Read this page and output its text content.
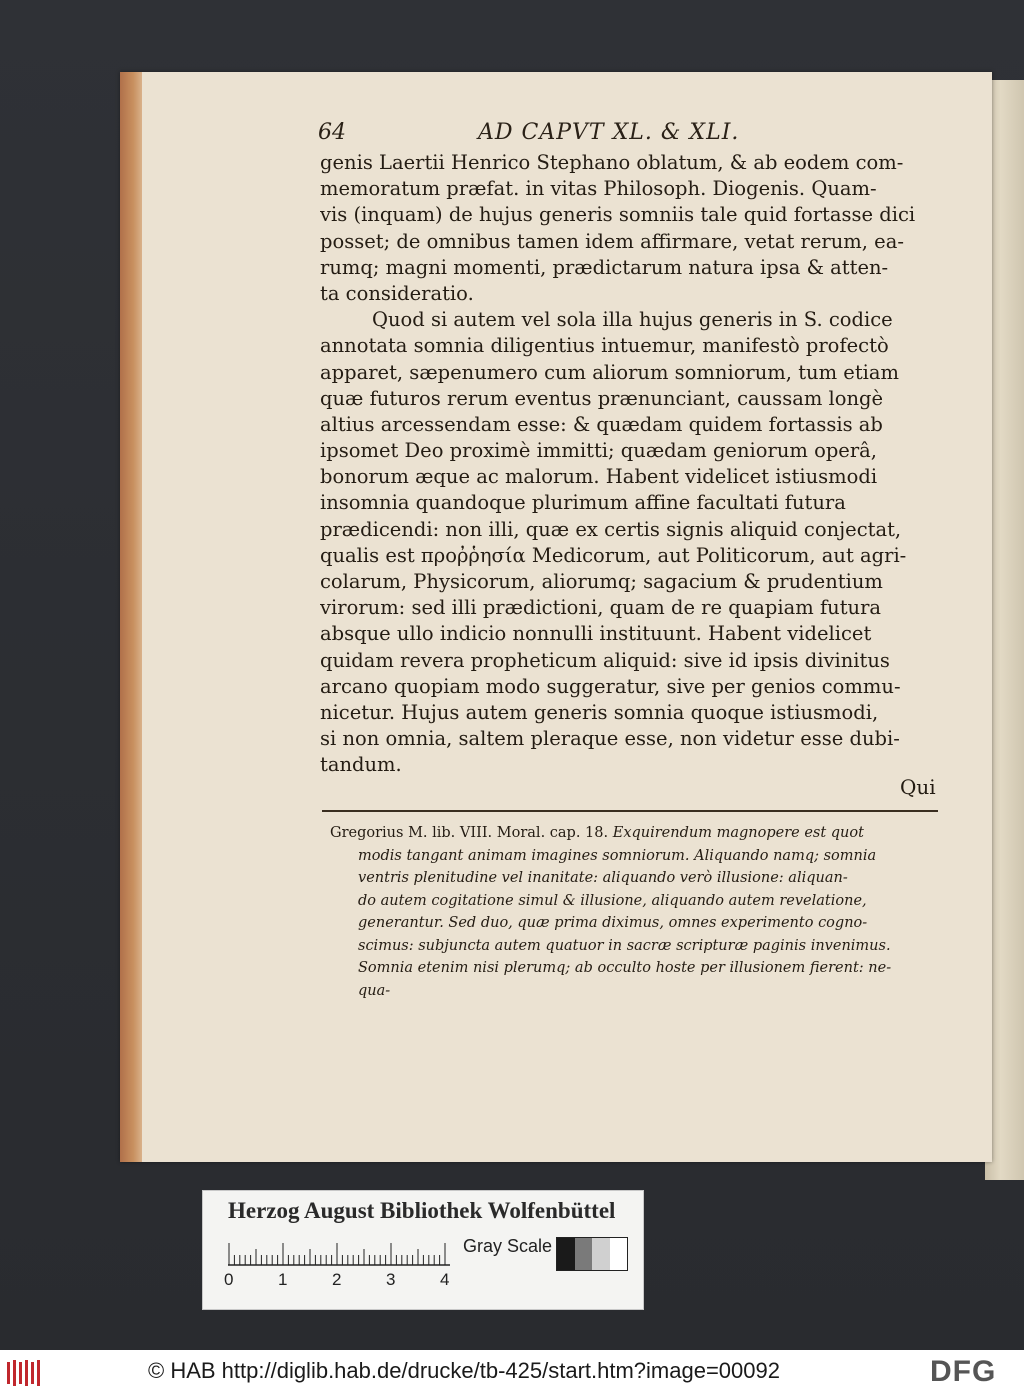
64	AD CAPVT XL. & XLI.
genis Laertii Henrico Stephano oblatum, & ab eodem com-
memoratum præfat. in vitas Philosoph. Diogenis. Quam-
vis (inquam) de hujus generis somniis tale quid fortasse dici
posset; de omnibus tamen idem affirmare, vetat rerum, ea-
rumq; magni momenti, prædictarum natura ipsa & atten-
ta consideratio.
Quod si autem vel sola illa hujus generis in S. codice
annotata somnia diligentius intuemur, manifestò profectò
apparet, sæpenumero cum aliorum somniorum, tum etiam
quæ futuros rerum eventus prænunciant, caussam longè
altius arcessendam esse: & quædam quidem fortassis ab
ipsomet Deo proximè immitti; quædam geniorum operâ,
bonorum æque ac malorum. Habent videlicet istiusmodi
insomnia quandoque plurimum affine facultati futura
prædicendi: non illi, quæ ex certis signis aliquid conjectat,
qualis est προῤῥησία Medicorum, aut Politicorum, aut agri-
colarum, Physicorum, aliorumq; sagacium & prudentium
virorum: sed illi prædictioni, quam de re quapiam futura
absque ullo indicio nonnulli instituunt. Habent videlicet
quidam revera propheticum aliquid: sive id ipsis divinitus
arcano quopiam modo suggeratur, sive per genios commu-
nicetur. Hujus autem generis somnia quoque istiusmodi,
si non omnia, saltem pleraque esse, non videtur esse dubi-
tandum.
Qui
Gregorius M. lib. VIII. Moral. cap. 18. Exquirendum magnopere est quot
modis tangant animam imagines somniorum. Aliquando namq; somnia
ventris plenitudine vel inanitate: aliquando verò illusione: aliquan-
do autem cogitatione simul & illusione, aliquando autem revelatione,
generantur. Sed duo, quæ prima diximus, omnes experimento cogno-
scimus: subjuncta autem quatuor in sacræ scripturæ paginis invenimus.
Somnia etenim nisi plerumq; ab occulto hoste per illusionem fierent: ne-
qua-
Herzog August Bibliothek Wolfenbüttel
0	1	2	3	4
Gray Scale
© HAB http://diglib.hab.de/drucke/tb-425/start.htm?image=00092	DFG
